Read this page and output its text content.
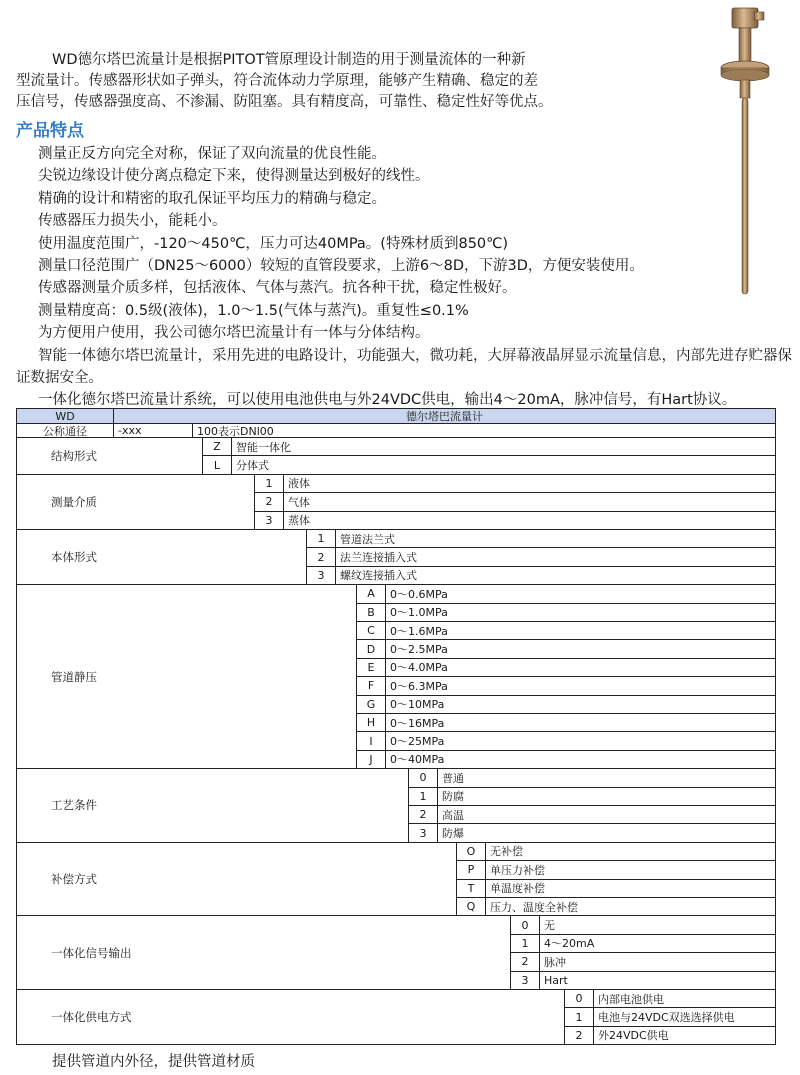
WD德尔塔巴流量计是根据PITOT管原理设计制造的用于测量流体的一种新

型流量计。传感器形状如子弹头，符合流体动力学原理，能够产生精确、稳定的差

压信号，传感器强度高、不渗漏、防阻塞。具有精度高，可靠性、稳定性好等优点。

产品特点

测量正反方向完全对称，保证了双向流量的优良性能。

尖锐边缘设计使分离点稳定下来，使得测量达到极好的线性。

精确的设计和精密的取孔保证平均压力的精确与稳定。

传感器压力损失小，能耗小。

使用温度范围广，-120～450℃，压力可达40MPa。(特殊材质到850℃)

测量口径范围广（DN25～6000）较短的直管段要求，上游6～8D，下游3D，方便安装使用。

传感器测量介质多样，包括液体、气体与蒸汽。抗各种干扰，稳定性极好。

测量精度高：0.5级(液体)，1.0～1.5(气体与蒸汽)。重复性≤0.1%

为方便用户使用，我公司德尔塔巴流量计有一体与分体结构。

智能一体德尔塔巴流量计，采用先进的电路设计，功能强大，微功耗，大屏幕液晶屏显示流量信息，内部先进存贮器保证数据安全。

一体化德尔塔巴流量计系统，可以使用电池供电与外24VDC供电，输出4～20mA，脉冲信号，有Hart协议。

WD	德尔塔巴流量计
公称通径	-xxx	100表示DNl00
结构形式
Z	智能一体化
L	分体式
测量介质
1	液体
2	气体
3	蒸体
本体形式
1	管道法兰式
2	法兰连接插入式
3	螺纹连接插入式
管道静压
A	0～0.6MPa
B	0～1.0MPa
C	0～1.6MPa
D	0～2.5MPa
E	0～4.0MPa
F	0～6.3MPa
G	0～10MPa
H	0～16MPa
I	0～25MPa
J	0～40MPa
工艺条件
0	普通
1	防腐
2	高温
3	防爆
补偿方式
O	无补偿
P	单压力补偿
T	单温度补偿
Q	压力、温度全补偿
一体化信号输出
0	无
1	4～20mA
2	脉冲
3	Hart
一体化供电方式
0	内部电池供电
1	电池与24VDC双选选择供电
2	外24VDC供电
提供管道内外径，提供管道材质
